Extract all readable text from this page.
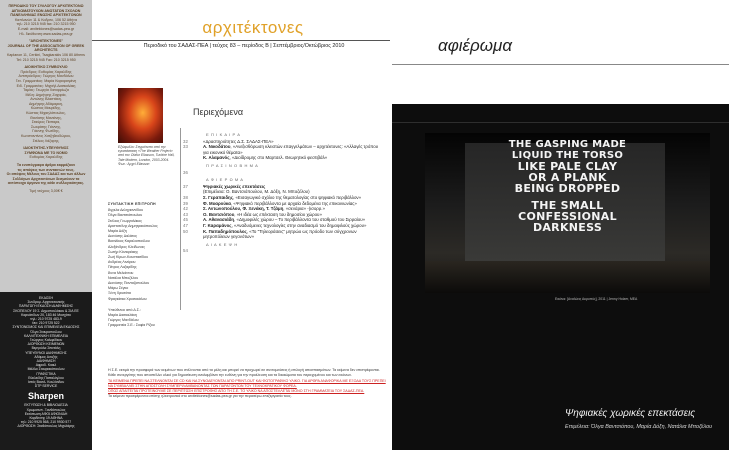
ΠΕΡΙΟΔΙΚΟ ΤΟΥ ΣΥΛΛΟΓΟΥ ΑΡΧΙΤΕΚΤΟΝΩ
ΔΙΠΛΩΜΑΤΟΥΧΩΝ ΑΝΩΤΑΤΩΝ ΣΧΟΛΩΝ
ΠΑΝΕΛΛΗΝΙΑΣ ΕΝΩΣΗΣ ΑΡΧΙΤΕΚΤΟΝΩΝ
Καπλανών 11 & Κοδρινι, 106 52 Αθήνα
τηλ: 210 3215 945 fax: 210 3215 950
E-mail: arxitektones@sadas-pea.gr
Ηλ. διεύθυνση:www.sadas-pea.gr
"ARCHITEKTONES"
JOURNAL OF THE ASSOCIATION OF GREEK ARCHITECTS
Kaplanon 11, Cerkini, Tsagkarakis 106 80 Athens
Tel: 210 3215 945 Fax: 210 3215 950
ΔΙΟΙΚΗΤΙΚΟ ΣΥΜΒΟΥΛΙΟ
Πρόεδρος: Ευθυμίας Χαραλίδης
Αντιπρόεδρος: Γιώργος Μανδάλου
Γεν. Γραμματέας: Μαρία Καραρισμένη
Ειδ. Γραμματέας: Μιχαήλ Δασκαλάκη
Ταμίας: Γεωργία Χαταρρίωζα
Μέλη: Δημήτρης Ζαχαρία,
Αντώνης Βλαστάκη,
Δημήτρης Αδάμαρκη,
Κώστας Μαυρίδης,
Κώστας Μιχαηλόπουλος,
Θανάσης Μανιάνης,
Σταύρος Παπαρα,
Σωκράτης Γιάννης,
Γιάννης Φωτίδης,
Κωνσταντίνος Χατζηθεοδώρου,
Στέλιος Λάζαρης,
ΙΔΙΟΚΤΗΤΗΣ-ΥΠΕΥΘΥΝΟΣ
ΣΥΜΦΩΝΑ ΜΕ ΤΟ ΝΟΜΟ
Ευθυμίας Χαραλίδης
Τα ενυπόγραφα άρθρα εκφράζουν
τις απόψεις των συντακτών τους.
Οι απόψεις Μέλους του ΣΑΔΑΣ και των άλλων
Συλλόγων Αρχιτεκτόνων δεσμεύουν τα
αντίστοιχα όργανα της κάθε συλλογικότητας.
Τιμή τεύχους 3,00€ €
ΕΚΔΟΣΗ
Συνδρομ. Αρχιτεκτονικής
ΠΑΡΑΓΩΓΗ ΕΚΔΟΣΗ ΔΙΑΦΗΜΙΣΗΣ
ΣΚΟΠΕΛΟΥ 19 Σ. Δημοπουλάκου & ΣΙΑ ΕΕ
Καρυάτιδων 20, 183 46 Μοσχάτο
τηλ.: 210 9725 483-9
fax: 210 9725 522
ΣΥΝΤΟΝΙΣΜΟΣ ΚΑΙ ΕΠΙΜΕΛΕΙΑ ΕΚΔΟΣΗΣ
Όλγα Σταυροπούλου
ΚΑΛΛΙΤΕΧΝΙΚΗ ΕΠΙΜΕΛΕΙΑ
Γεώργιος Καλιφιδίκου
ΔΙΟΡΘΩΣΗ ΚΕΙΜΕΝΩΝ
Βεργούλα Σπατάλη
ΥΠΕΥΘΥΝΟΙ ΔΙΑΦΗΜΙΣΗΣ
Αδάμος Αναζής
ΔΙΑΦΗΜΙΣΗ
Αφροδ. Κιακλ
Μάλλα Σταυρακόπουλου
ΓΡΑΦΙΣΤΙΚΑ
Εύκλειδης Παπαλόγλου
Ιστός Βασιλ. Κουλίσιδου
DTP SERVICE
Sharpen
ΕΚΤΥΠΩΣΗ & ΒΙΒΛΙΟΔΕΣΙΑ
Χρωμοτυπ. Ξανθόπουλος
Εκτύπωση ΑΦΟΙ ΑΦΙΟΝΙΔΗ
Καρδίτσης 19 ΑΘΗΝΑ
τηλ: 210 9925 568, 210 9930 577
ΔΙΟΡΘΩΣΗ: Σταθόπουλος Μιχαλάρης
αρχιτέκτονες
Περιοδικό του ΣΑΔΑΣ-ΠΕΑ | τεύχος 83 – περίοδος Β | Σεπτέμβριος/Οκτώβριος 2010
Εξώφυλλο: Στιγμιότυπο από την εγκατάσταση «The Weather Project» από τον Olafur Eliasson, Turbine Hall, Tate Modern, London, 2003-2004. Φωτ.: Αρχεί Eliasson
Περιεχόμενα
Ε Π Ι Κ Α Ι Ρ Α
32	«Δραστηριότητες Δ.Σ. ΣΑΔΑΣ-ΠΕΑ»
33	Α. Νικοδάτου, «Ανεξισθόρωση κλειστών επαγγελμάτων – αρχιτέκτονες: «Αλλαγές τρόπου για εικονικό θέματα»
Κ. Αλαμανός, «Διοίδρομης στο Μαρτσελ. Θεωρητικό φεστιβάλ»
Π Ρ Α Σ Ι Ν Ο Β Η Μ Α
36
Α Φ Ι Ε Ρ Ω Μ Α
37	Ψηφιακές χωρικές επεκτάσεις
(Επιμέλεια: Ο. Βαντσιόπουλου, Μ. Δόξη, Ν. Μποζέλου)
38	Σ. Γεραπαιδης, «Εισαγωγικό σχόλιο της θεματολογίας στο ψηφιακό περιβάλλον»
39	Φ. Μυαρούκα, «Ψηφιακό περιβάλλοντα με αρχαία δεδομένα της επικοινωνίας»
42	Σ. Αντωνοπούλου, Φ. Ξενάκη, Τ. Τζάμη, «σενάρια» -(ισορρ.»
43	Ο. Βαντσιόπου, «Η ιδέα ως επέκταση του δημοσίου χώρου»
45	Α. Αθανασιάδη, «Δημοφιλές χώρου – Το περιβάλλοντα του σταθμού του Σιρραίου»
47	Γ. Καραμάνος, «Αναδυόμενες τεχνολογίες στην αναδιασμό του δημοφιλούς χώρου»
50	Κ. Παπαδημόπουλος, «Το "Τηλεοράσεις" μητρώο ως πρόοδο των σύγχρονων μητροπόλεων γεγονότων»
Δ Ι Α Κ Ε Ψ Η
54
ΣΥΝΤΑΚΤΙΚΗ ΕΠΙΤΡΟΠΗ
Άγγελα Δεληγιαννίδου
Όλγα Βαντσιόπουλου
Στέλιος Γεωργαλάκος
Αριστοτέλης Δημητρακόπουλος
Μαρία Δόξη
Διονύσης Δαλάτος
Βασιλίκος Καραλιοπούλου
Αλεξάνδρος Κλείδωνας
Σωτήρ Κόνιαράκης
Ζωή Κίρων-Κουστασίδου
Ανδρέας Λινάρου
Πέτρος Λαζαρίδης
Άννα Μελιάντου
Νατάλια Μποζέλου
Διονύσης Πανταζοπούλου
Μάρω Σέγκο
Ξένη Χρυσάτα
Φραγκίσκα Χρυσοκάλου
Υπεύθυνοι από Δ.Σ.:
Μαρία Δασκαλάκη
Γιώργος Μανδάλου
Γραμματεία Σ.Ε.: Σοφία Ρίζου
Η Σ.Ε. εκτιμά την προσφορά των κειμένων που στέλνονται από τα μέλη και μπορεί να προχωρεί σε συντομεύσεις ή επιλογή αποσπασμάτων. Τα κείμενα δεν επιστρέφονται.
Κάθε συνεργάτης που αποστέλλει υλικό για δημοσίευση αναλαμβάνει την ευθύνη για την προέλευση και τα δικαιώματα του περιεχομένου και των εικόνων.
ΤΑ ΚΕΙΜΕΝΑ ΠΡΕΠΕΙ ΝΑ ΣΤΕΛΝΟΝΤΑΙ ΣΕ CD ΚΑΙ ΝΑ ΣΥΝΟΔΕΥΟΝΤΑΙ ΑΠΟ PRINT-OUT ΚΑΙ ΦΩΤΟΓΡΑΦΙΚΟ ΥΛΙΚΟ. ΓΙΑ ΑΡΘΡΑ ΑΝΑΦΟΡΙΚΑ ΜΕ ΕΞΟΔΑ ΤΟΥΣ ΠΡΕΠΕΙ ΝΑ ΣΥΜΒΑΛΛΕΙ ΣΤΗΝ ΑΠΟΣΤΟΛΗ ΣΥΜΠΕΡΙΛΑΜΒΑΝΟΝΤΑΣ ΤΩΝ ΠΑΡΑΓΟΝΤΩΝ ΤΟΥ ΤΕΧΝΟΚΡΑΤΙΚΟΥ ΦΟΡΕΑ.
ΟΠΩΣ ΑΠΑΙΤΕΙΤΑΙ ΠΡΟΤΕΙΝΟΥΜΕ ΣΕ ΠΕΡΙΠΤΩΣΗ ΕΠΙΣΤΡΟΦΗΣ ΑΠΟ ΤΗ Σ.Ε. ΤΟ ΥΛΙΚΟ ΝΑ ΑΠΟΣΤΕΛΛΕΤΑΙ ΜΟΝΟ ΣΤΗ ΓΡΑΜΜΑΤΕΙΑ ΤΟΥ ΣΑΔΑΣ-ΠΕΑ.
Τα κείμενα προσφέρονται επίσης ηλεκτρονικά στο arxitektones@sadas-pea.gr για την περαιτέρω επεξεργασία τους.
αφιέρωμα
THE GASPING MADE
LIQUID THE TORSO
LIKE PALE CLAY
OR A PLANK
BEING DROPPED
THE SMALL
CONFESSIONAL
DARKNESS
Εικόνα: [Αναλύεις Ακρυπύς], 2011 | Jenny Holzer, ΜΕΑ
Ψηφιακές χωρικές επεκτάσεις
Επιμέλεια: Όλγα Βαντσιόπου, Μαρία Δόξη, Νατάλια Μποζέλου
